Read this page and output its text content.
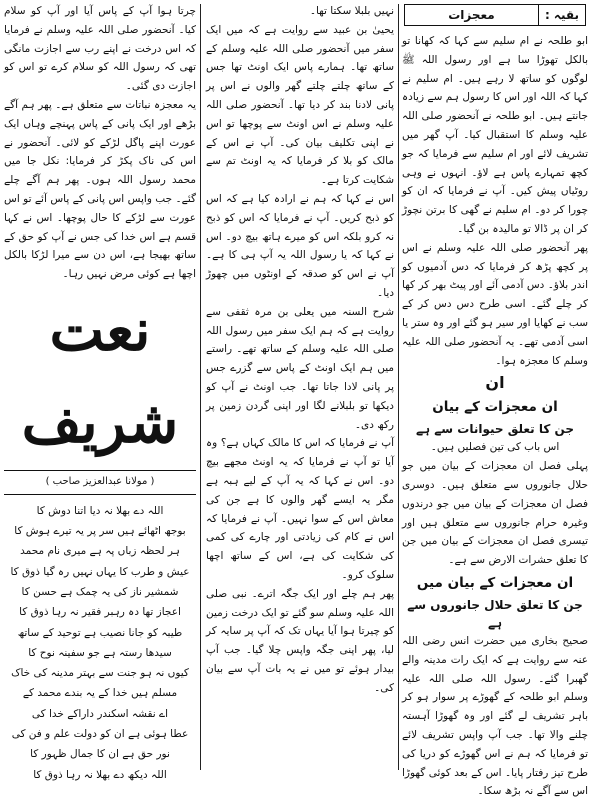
بقیہ :
معجزات

ابو طلحہ نے ام سلیم سے کہا کہ کھانا تو بالکل تھوڑا سا ہے اور رسول اللہ ﷺ لوگوں کو ساتھ لا رہے ہیں۔ ام سلیم نے کہا کہ اللہ اور اس کا رسول ہم سے زیادہ جانتے ہیں۔ ابو طلحہ نے آنحضور صلی اللہ علیہ وسلم کا استقبال کیا۔ آپ گھر میں تشریف لائے اور ام سلیم سے فرمایا کہ جو کچھ تمہارے پاس ہے لاؤ۔ انہوں نے وہی روٹیاں پیش کیں۔ آپ نے فرمایا کہ ان کو چورا کر دو۔ ام سلیم نے گھی کا برتن نچوڑ کر ان پر ڈالا تو مالیدہ بن گیا۔

پھر آنحضور صلی اللہ علیہ وسلم نے اس پر کچھ پڑھ کر فرمایا کہ دس آدمیوں کو اندر بلاؤ۔ دس آدمی آئے اور پیٹ بھر کر کھا کر چلے گئے۔ اسی طرح دس دس کر کے سب نے کھایا اور سیر ہو گئے اور وہ ستر یا اسی آدمی تھے۔ یہ آنحضور صلی اللہ علیہ وسلم کا معجزہ ہوا۔

ان
ان معجزات کے بیان
جن کا تعلق حیوانات سے ہے

اس باب کی تین فصلیں ہیں۔

پہلی فصل ان معجزات کے بیان میں جو حلال جانوروں سے متعلق ہیں۔ دوسری فصل ان معجزات کے بیان میں جو درندوں وغیرہ حرام جانوروں سے متعلق ہیں اور تیسری فصل ان معجزات کے بیان میں جن کا تعلق حشرات الارض سے ہے۔

ان معجزات کے بیان میں
جن کا تعلق حلال جانوروں سے ہے

صحیح بخاری میں حضرت انس رضی اللہ عنہ سے روایت ہے کہ ایک رات مدینہ والے گھبرا گئے۔ رسول اللہ صلی اللہ علیہ وسلم ابو طلحہ کے گھوڑے پر سوار ہو کر باہر تشریف لے گئے اور وہ گھوڑا آہستہ چلنے والا تھا۔ جب آپ واپس تشریف لائے تو فرمایا کہ ہم نے اس گھوڑے کو دریا کی طرح تیز رفتار پایا۔ اس کے بعد کوئی گھوڑا اس سے آگے نہ بڑھ سکا۔

نہیں بلبلا سکتا تھا۔

یحییٰ بن عبید سے روایت ہے کہ میں ایک سفر میں آنحضور صلی اللہ علیہ وسلم کے ساتھ تھا۔ ہمارے پاس ایک اونٹ تھا جس کے ساتھ چلتے چلتے گھر والوں نے اس پر پانی لادنا بند کر دیا تھا۔ آنحضور صلی اللہ علیہ وسلم نے اس اونٹ سے پوچھا تو اس نے اپنی تکلیف بیان کی۔ آپ نے اس کے مالک کو بلا کر فرمایا کہ یہ اونٹ تم سے شکایت کرتا ہے۔

اس نے کہا کہ ہم نے ارادہ کیا ہے کہ اس کو ذبح کریں۔ آپ نے فرمایا کہ اس کو ذبح نہ کرو بلکہ اس کو میرے ہاتھ بیچ دو۔ اس نے کہا کہ یا رسول اللہ یہ آپ ہی کا ہے۔ آپ نے اس کو صدقہ کے اونٹوں میں چھوڑ دیا۔

شرح السنہ میں یعلی بن مرہ ثقفی سے روایت ہے کہ ہم ایک سفر میں رسول اللہ صلی اللہ علیہ وسلم کے ساتھ تھے۔ راستے میں ہم ایک اونٹ کے پاس سے گزرے جس پر پانی لادا جاتا تھا۔ جب اونٹ نے آپ کو دیکھا تو بلبلانے لگا اور اپنی گردن زمین پر رکھ دی۔

آپ نے فرمایا کہ اس کا مالک کہاں ہے؟ وہ آیا تو آپ نے فرمایا کہ یہ اونٹ مجھے بیچ دو۔ اس نے کہا کہ یہ آپ کے لیے ہبہ ہے مگر یہ ایسے گھر والوں کا ہے جن کی معاش اس کے سوا نہیں۔ آپ نے فرمایا کہ اس نے کام کی زیادتی اور چارے کی کمی کی شکایت کی ہے، اس کے ساتھ اچھا سلوک کرو۔

پھر ہم چلے اور ایک جگہ اترے۔ نبی صلی اللہ علیہ وسلم سو گئے تو ایک درخت زمین کو چیرتا ہوا آیا یہاں تک کہ آپ پر سایہ کر لیا، پھر اپنی جگہ واپس چلا گیا۔ جب آپ بیدار ہوئے تو میں نے یہ بات آپ سے بیان کی۔

چرتا ہوا آپ کے پاس آیا اور آپ کو سلام کیا۔ آنحضور صلی اللہ علیہ وسلم نے فرمایا کہ اس درخت نے اپنے رب سے اجازت مانگی تھی کہ رسول اللہ کو سلام کرے تو اس کو اجازت دی گئی۔

یہ معجزہ نباتات سے متعلق ہے۔ پھر ہم آگے بڑھے اور ایک پانی کے پاس پہنچے وہاں ایک عورت اپنے پاگل لڑکے کو لائی۔ آنحضور نے اس کی ناک پکڑ کر فرمایا: نکل جا میں محمد رسول اللہ ہوں۔ پھر ہم آگے چلے گئے۔ جب واپس اس پانی کے پاس آئے تو اس عورت سے لڑکے کا حال پوچھا۔ اس نے کہا قسم ہے اس خدا کی جس نے آپ کو حق کے ساتھ بھیجا ہے، اس دن سے میرا لڑکا بالکل اچھا ہے کوئی مرض نہیں رہا۔

نعت شریف
( مولانا عبدالعزیز صاحب )
اللہ دے بھلا نہ دیا اتنا دوش کا
بوجھ اٹھائے ہیں سر پر یہ تیرے ہوش کا
ہر لحظہ زباں پہ ہے میری نام محمد
عیش و طرب کا یہاں نہیں رہ گیا ذوق کا
شمشیر ناز کی یہ چمک ہے حسن کا
اعجاز تھا دہ رہبر فقیر نہ رہا ذوق کا
طیبہ کو جانا نصیب ہے توحید کے ساتھ
سیدھا رستہ ہے جو سفینہ نوح کا
کیوں نہ ہو جنت سے بہتر مدینہ کی خاک
مسلم ہیں خدا کے یہ بندے محمد کے
اے نقشہ اسکندر داراکے خدا کی
عطا ہوئی ہے ان کو دولت علم و فن کی
نور حق ہے ان کا جمال ظہور کا
اللہ دیکھ دے بھلا نہ رہا ذوق کا
